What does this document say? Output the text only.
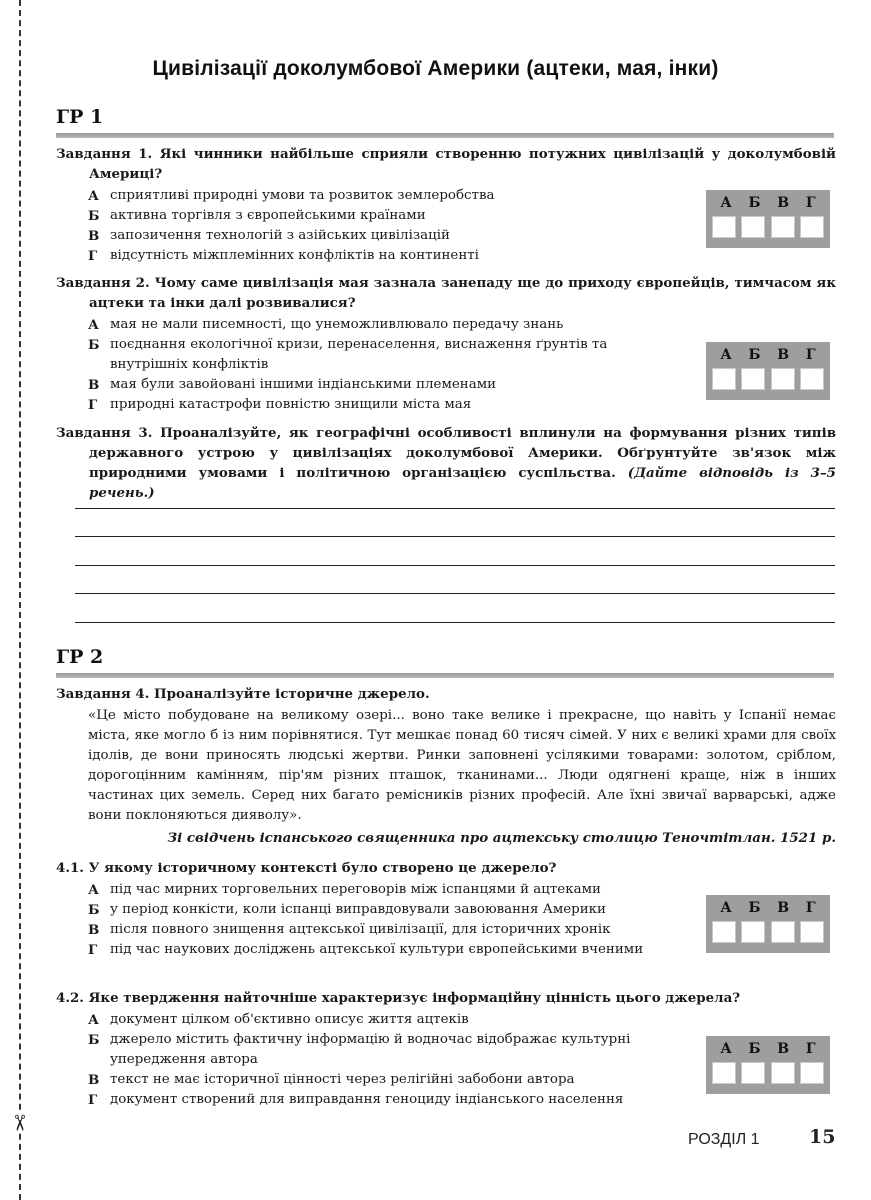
✂
Цивілізації доколумбової Америки (ацтеки, мая, інки)
ГР 1

Завдання 1. Які чинники найбільше сприяли створенню потужних цивілізацій у доколумбовій Америці?

А сприятливі природні умови та розвиток землеробства
Б активна торгівля з європейськими країнами
В запозичення технологій з азійських цивілізацій
Г відсутність міжплемінних конфліктів на континенті
А Б В Г

Завдання 2. Чому саме цивілізація мая зазнала занепаду ще до приходу європейців, тимчасом як ацтеки та інки далі розвивалися?

А мая не мали писемності, що унеможливлювало передачу знань
Б поєднання екологічної кризи, перенаселення, виснаження ґрунтів та внутрішніх конфліктів
В мая були завойовані іншими індіанськими племенами
Г природні катастрофи повністю знищили міста мая
А Б В Г

Завдання 3. Проаналізуйте, як географічні особливості вплинули на формування різних типів державного устрою у цивілізаціях доколумбової Америки. Обґрунтуйте зв'язок між природними умовами і політичною організацією суспільства. (Дайте відповідь із 3–5 речень.)

ГР 2

Завдання 4. Проаналізуйте історичне джерело.

«Це місто побудоване на великому озері... воно таке велике і прекрасне, що навіть у Іспанії немає міста, яке могло б із ним порівнятися. Тут мешкає понад 60 тисяч сімей. У них є великі храми для своїх ідолів, де вони приносять людські жертви. Ринки заповнені усілякими товарами: золотом, сріблом, дорогоцінним камінням, пір'ям різних пташок, тканинами... Люди одягнені краще, ніж в інших частинах цих земель. Серед них багато ремісників різних професій. Але їхні звичаї варварські, адже вони поклоняються дияволу».

Зі свідчень іспанського священника про ацтекську столицю Теночтітлан. 1521 р.

4.1. У якому історичному контексті було створено це джерело?

А під час мирних торговельних переговорів між іспанцями й ацтеками
Б у період конкісти, коли іспанці виправдовували завоювання Америки
В після повного знищення ацтекської цивілізації, для історичних хронік
Г під час наукових досліджень ацтекської культури європейськими вченими
А Б В Г

4.2. Яке твердження найточніше характеризує інформаційну цінність цього джерела?

А документ цілком об'єктивно описує життя ацтеків
Б джерело містить фактичну інформацію й водночас відображає культурні упередження автора
В текст не має історичної цінності через релігійні забобони автора
Г документ створений для виправдання геноциду індіанського населення
А Б В Г
РОЗДІЛ 1	15
